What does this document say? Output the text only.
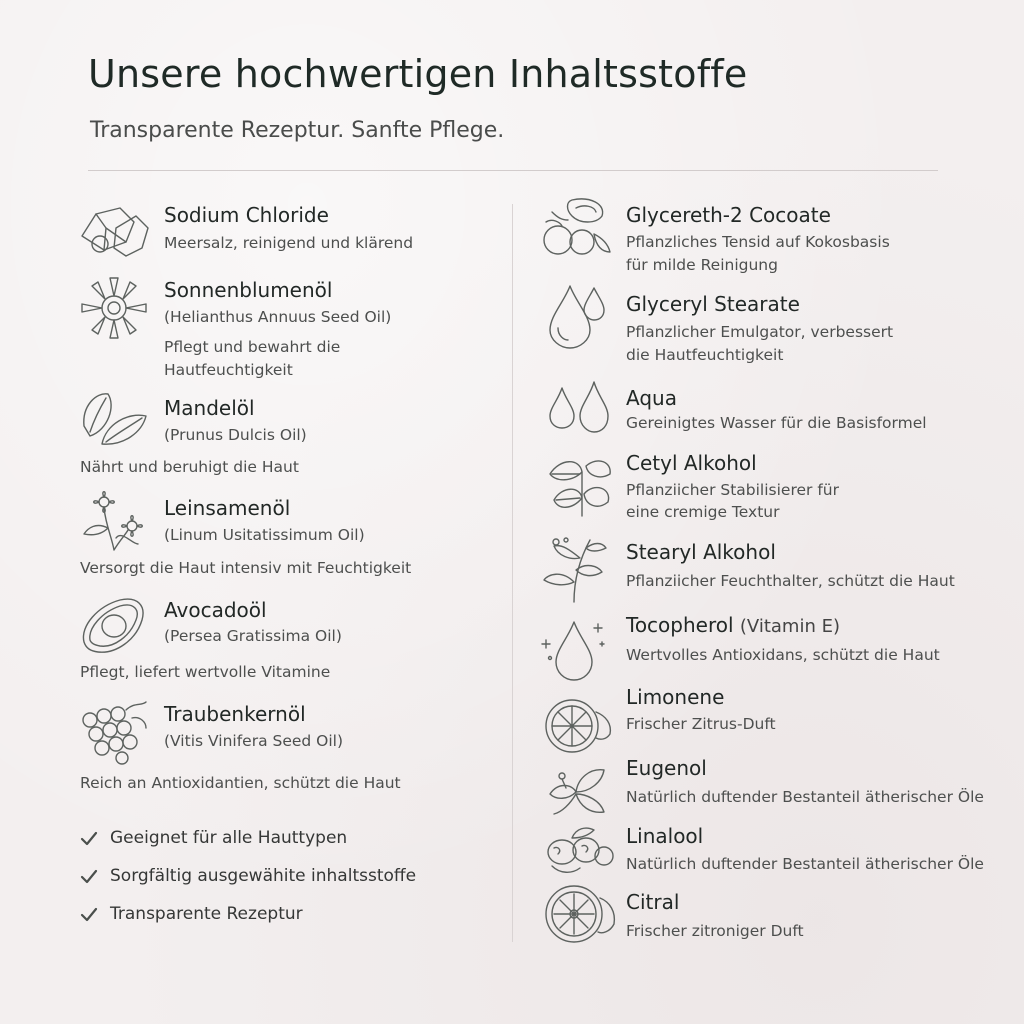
Unsere hochwertigen Inhaltsstoffe
Transparente Rezeptur. Sanfte Pflege.
Sodium Chloride
Meersalz, reinigend und klärend
Sonnenblumenöl
(Helianthus Annuus Seed Oil)
Pflegt und bewahrt die
Hautfeuchtigkeit
Mandelöl
(Prunus Dulcis Oil)
Nährt und beruhigt die Haut
Leinsamenöl
(Linum Usitatissimum Oil)
Versorgt die Haut intensiv mit Feuchtigkeit
Avocadoöl
(Persea Gratissima Oil)
Pflegt, liefert wertvolle Vitamine
Traubenkernöl
(Vitis Vinifera Seed Oil)
Reich an Antioxidantien, schützt die Haut
Geeignet für alle Hauttypen
Sorgfältig ausgewähite inhaltsstoffe
Transparente Rezeptur
Glycereth-2 Cocoate
Pflanzliches Tensid auf Kokosbasis
für milde Reinigung
Glyceryl Stearate
Pflanzlicher Emulgator, verbessert
die Hautfeuchtigkeit
Aqua
Gereinigtes Wasser für die Basisformel
Cetyl Alkohol
Pflanziicher Stabilisierer für
eine cremige Textur
Stearyl Alkohol
Pflanziicher Feuchthalter, schützt die Haut
Tocopherol (Vitamin E)
Wertvolles Antioxidans, schützt die Haut
Limonene
Frischer Zitrus-Duft
Eugenol
Natürlich duftender Bestanteil ätherischer Öle
Linalool
Natürlich duftender Bestanteil ätherischer Öle
Citral
Frischer zitroniger Duft
